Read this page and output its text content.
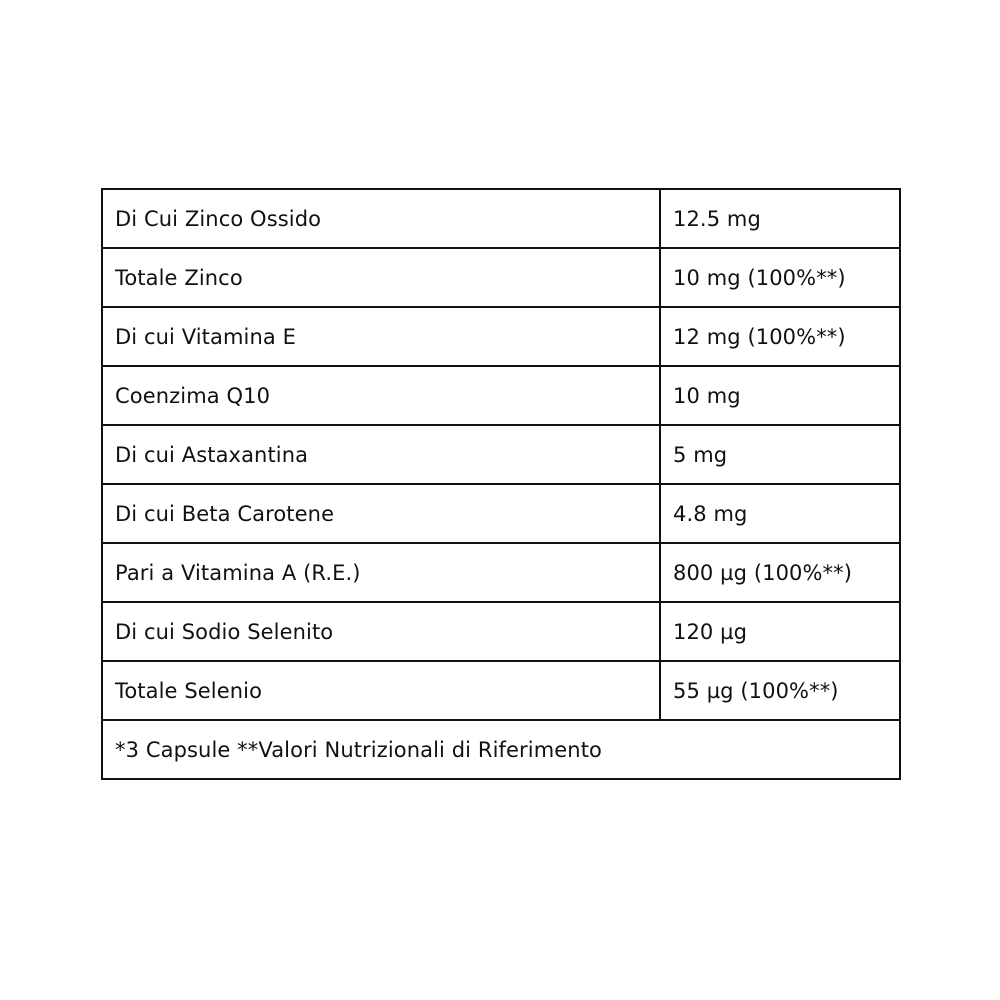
Di Cui Zinco Ossido	12.5 mg
Totale Zinco	10 mg (100%**)
Di cui Vitamina E	12 mg (100%**)
Coenzima Q10	10 mg
Di cui Astaxantina	5 mg
Di cui Beta Carotene	4.8 mg
Pari a Vitamina A (R.E.)	800 µg (100%**)
Di cui Sodio Selenito	120 µg
Totale Selenio	55 µg (100%**)
*3 Capsule **Valori Nutrizionali di Riferimento	
